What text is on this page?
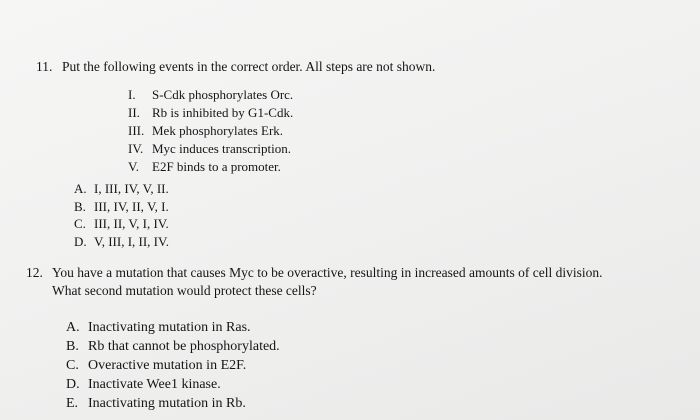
11. Put the following events in the correct order. All steps are not shown.
I. S-Cdk phosphorylates Orc.
II. Rb is inhibited by G1-Cdk.
III. Mek phosphorylates Erk.
IV. Myc induces transcription.
V. E2F binds to a promoter.
A. I, III, IV, V, II.
B. III, IV, II, V, I.
C. III, II, V, I, IV.
D. V, III, I, II, IV.
12. You have a mutation that causes Myc to be overactive, resulting in increased amounts of cell division.
What second mutation would protect these cells?
A. Inactivating mutation in Ras.
B. Rb that cannot be phosphorylated.
C. Overactive mutation in E2F.
D. Inactivate Wee1 kinase.
E. Inactivating mutation in Rb.
